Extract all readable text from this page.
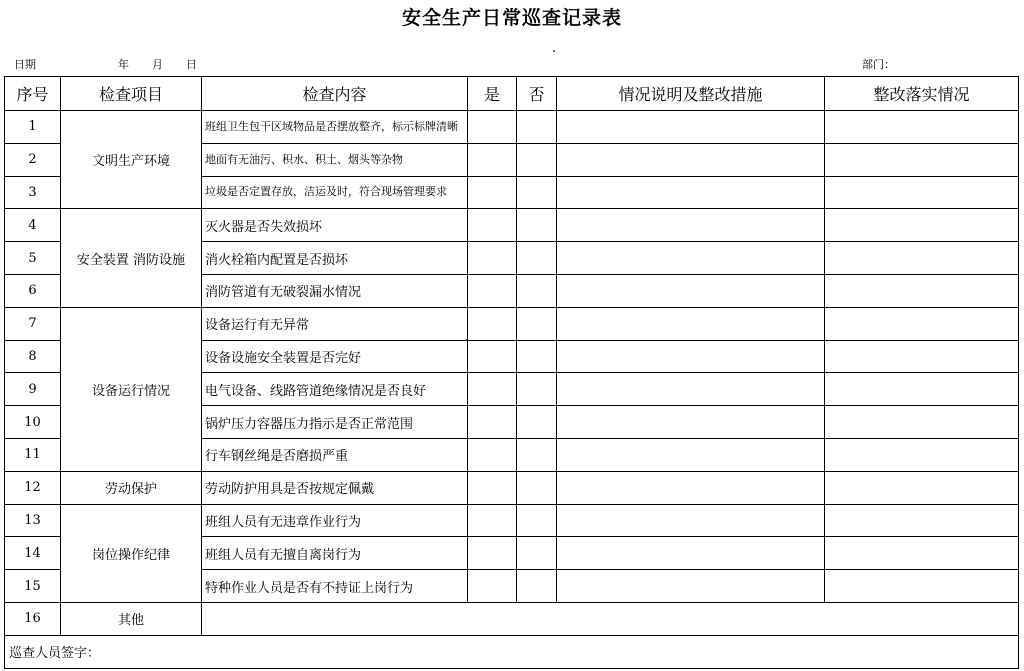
安全生产日常巡查记录表
日期	年 月 日	部门：
序号	检查项目	检查内容	是	否	情况说明及整改措施	整改落实情况
1	文明生产环境	班组卫生包干区域物品是否摆放整齐，标示标牌清晰				
2		地面有无油污、积水、积土、烟头等杂物				
3		垃圾是否定置存放，洁运及时，符合现场管理要求				
4	安全装置 消防设施	灭火器是否失效损坏				
5		消火栓箱内配置是否损坏				
6		消防管道有无破裂漏水情况				
7	设备运行情况	设备运行有无异常				
8		设备设施安全装置是否完好				
9		电气设备、线路管道绝缘情况是否良好				
10		锅炉压力容器压力指示是否正常范围				
11		行车钢丝绳是否磨损严重				
12	劳动保护	劳动防护用具是否按规定佩戴				
13	岗位操作纪律	班组人员有无违章作业行为				
14		班组人员有无擅自离岗行为				
15		特种作业人员是否有不持证上岗行为				
16	其他					
巡查人员签字：						
